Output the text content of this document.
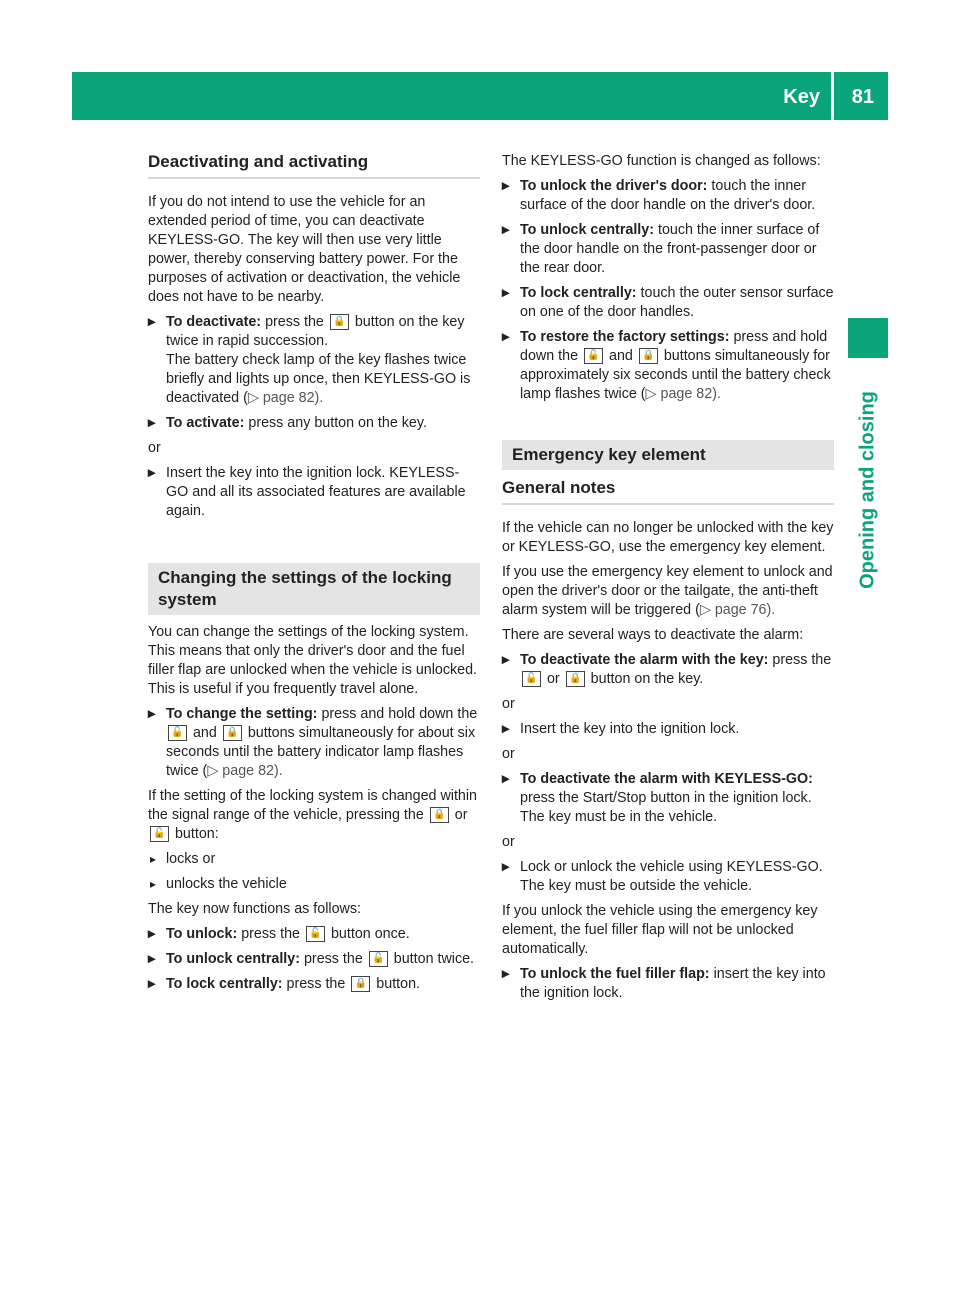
Key 81
Opening and closing
Deactivating and activating

If you do not intend to use the vehicle for an extended period of time, you can deactivate KEYLESS-GO. The key will then use very little power, thereby conserving battery power. For the purposes of activation or deactivation, the vehicle does not have to be nearby.

▸ To deactivate: press the 🔒 button on the key twice in rapid succession.
The battery check lamp of the key flashes twice briefly and lights up once, then KEYLESS-GO is deactivated (▷ page 82).
▸ To activate: press any button on the key.
or
▸ Insert the key into the ignition lock. KEYLESS-GO and all its associated features are available again.
Changing the settings of the locking system

You can change the settings of the locking system. This means that only the driver's door and the fuel filler flap are unlocked when the vehicle is unlocked. This is useful if you frequently travel alone.

▸ To change the setting: press and hold down the 🔓 and 🔒 buttons simultaneously for about six seconds until the battery indicator lamp flashes twice (▷ page 82).

If the setting of the locking system is changed within the signal range of the vehicle, pressing the 🔒 or 🔓 button:

▸ locks or
▸ unlocks the vehicle

The key now functions as follows:

▸ To unlock: press the 🔓 button once.
▸ To unlock centrally: press the 🔓 button twice.
▸ To lock centrally: press the 🔒 button.

The KEYLESS-GO function is changed as follows:

▸ To unlock the driver's door: touch the inner surface of the door handle on the driver's door.
▸ To unlock centrally: touch the inner surface of the door handle on the front-passenger door or the rear door.
▸ To lock centrally: touch the outer sensor surface on one of the door handles.
▸ To restore the factory settings: press and hold down the 🔓 and 🔒 buttons simultaneously for approximately six seconds until the battery check lamp flashes twice (▷ page 82).
Emergency key element
General notes

If the vehicle can no longer be unlocked with the key or KEYLESS-GO, use the emergency key element.

If you use the emergency key element to unlock and open the driver's door or the tailgate, the anti-theft alarm system will be triggered (▷ page 76).

There are several ways to deactivate the alarm:

▸ To deactivate the alarm with the key: press the 🔓 or 🔒 button on the key.
or
▸ Insert the key into the ignition lock.
or
▸ To deactivate the alarm with KEYLESS-GO: press the Start/Stop button in the ignition lock. The key must be in the vehicle.
or
▸ Lock or unlock the vehicle using KEYLESS-GO. The key must be outside the vehicle.

If you unlock the vehicle using the emergency key element, the fuel filler flap will not be unlocked automatically.

▸ To unlock the fuel filler flap: insert the key into the ignition lock.
